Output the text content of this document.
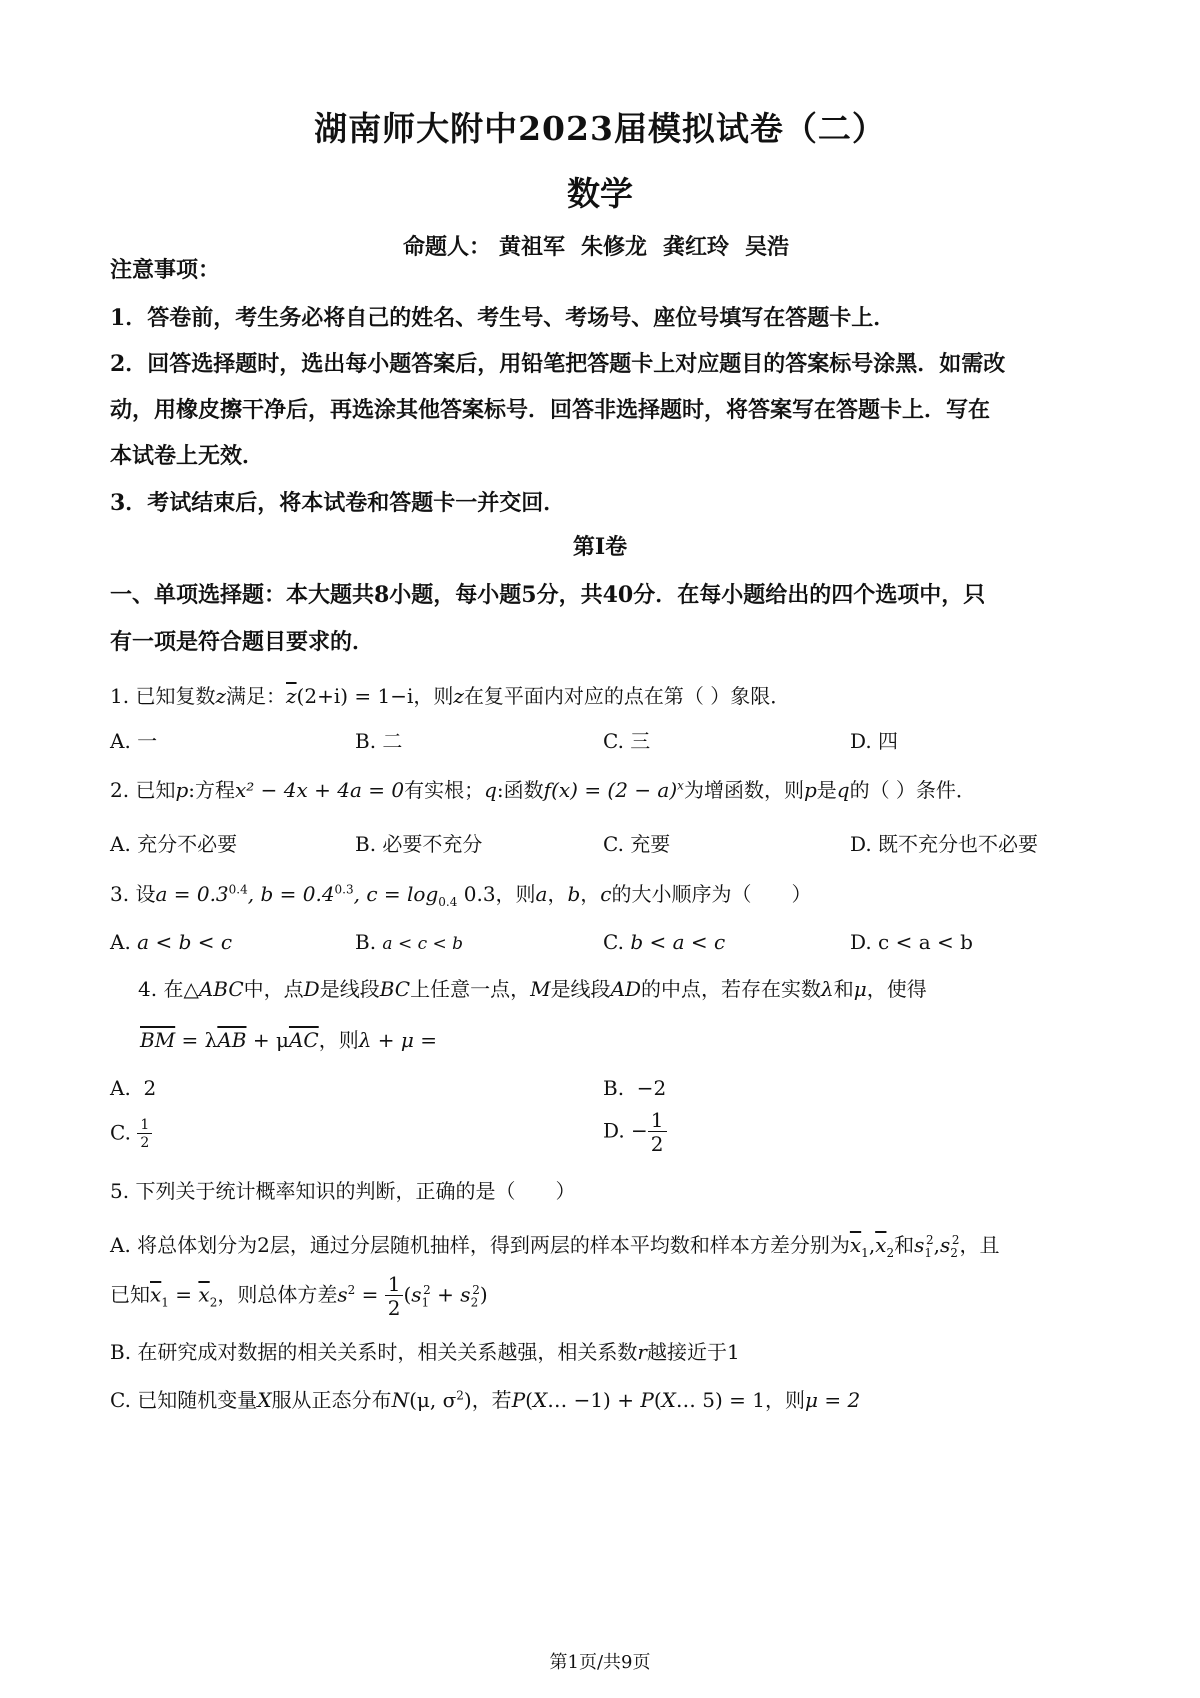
湖南师大附中2023届模拟试卷（二）
数学
命题人： 黄祖军 朱修龙 龚红玲 吴浩
注意事项：
1．答卷前，考生务必将自己的姓名、考生号、考场号、座位号填写在答题卡上．
2．回答选择题时，选出每小题答案后，用铅笔把答题卡上对应题目的答案标号涂黑．如需改
动，用橡皮擦干净后，再选涂其他答案标号．回答非选择题时，将答案写在答题卡上．写在
本试卷上无效．
3．考试结束后，将本试卷和答题卡一并交回．
第I卷
一、单项选择题：本大题共8小题，每小题5分，共40分．在每小题给出的四个选项中，只
有一项是符合题目要求的．
1. 已知复数z满足：$\overline{z}(2+i) = 1-i$，则z在复平面内对应的点在第（ ）象限．
A. 一	B. 二	C. 三	D. 四
2. 已知p:方程x² − 4x + 4a = 0有实根；q:函数$f(x) = (2 - a)^x$为增函数，则p是q的（ ）条件．
A. 充分不必要	B. 必要不充分	C. 充要	D. 既不充分也不必要
3. 设$a = 0.3^{0.4}$, $b = 0.4^{0.3}$, $c = \log_{0.4} 0.3$，则a，b，c的大小顺序为（　　）
A. a < b < c	B. a < c < b	C. b < a < c	D. c < a < b
4. 在△ABC中，点D是线段BC上任意一点，M是线段AD的中点，若存在实数λ和μ，使得
$\overline{BM} = \lambda\overline{AB} + \mu\overline{AC}$，则λ + μ =
A.  2	B.  −2
C. $\frac{1}{2}$	D. − $\frac{1}{2}$
5. 下列关于统计概率知识的判断，正确的是（　　）
A. 将总体划分为2层，通过分层随机抽样，得到两层的样本平均数和样本方差分别为$\overline{x}_1,\overline{x}_2$和$s_1^2,s_2^2$，且
已知$\overline{x}_1 = \overline{x}_2$，则总体方差$s^2 = \frac{1}{2} (s_1^2 + s_2^2)$
B. 在研究成对数据的相关关系时，相关关系越强，相关系数r越接近于1
C. 已知随机变量X服从正态分布N(μ, $\sigma^2$)，若P(X… −1) + P(X… 5) = 1，则μ = 2
第1页/共9页
